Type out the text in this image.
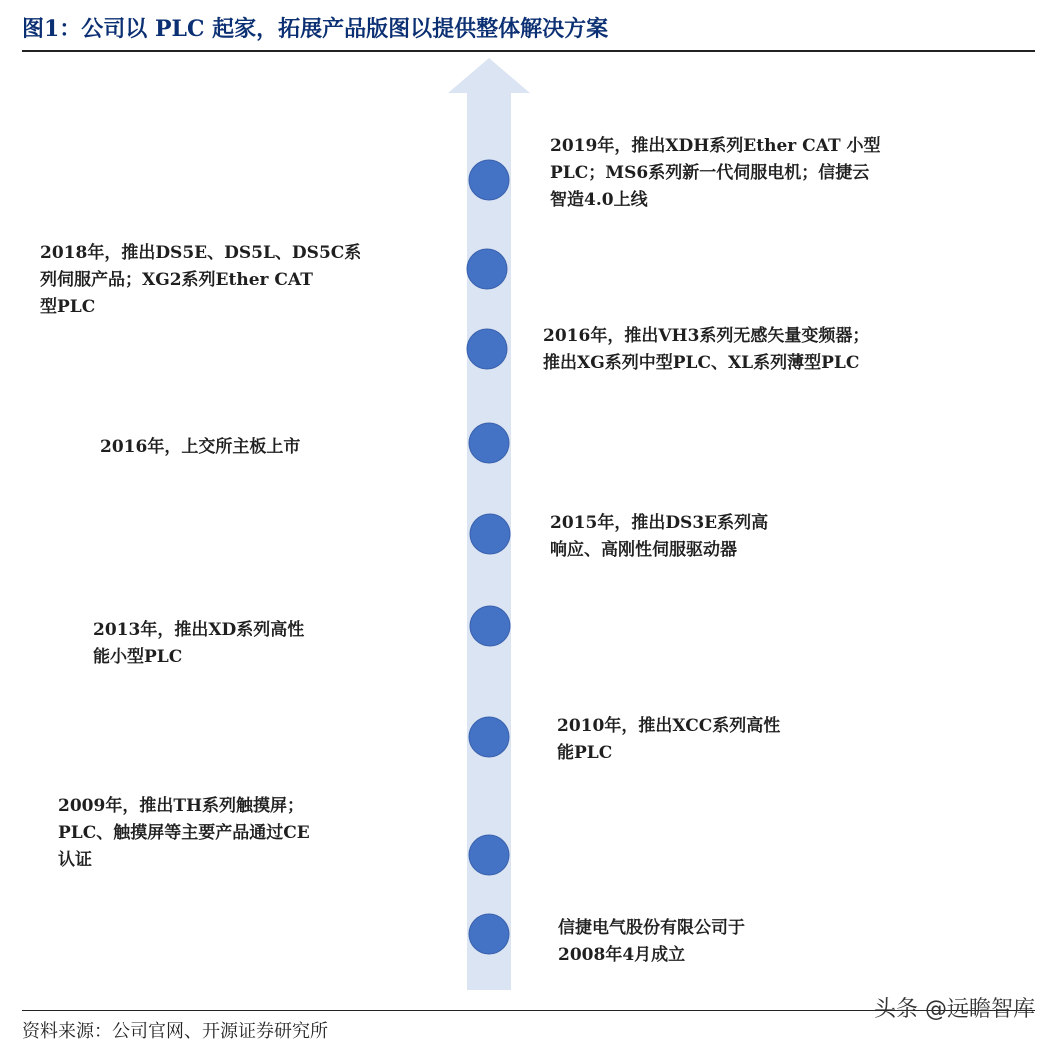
图1：公司以 PLC 起家，拓展产品版图以提供整体解决方案
2019年，推出XDH系列Ether CAT 小型
PLC；MS6系列新一代伺服电机；信捷云
智造4.0上线
2018年，推出DS5E、DS5L、DS5C系
列伺服产品；XG2系列Ether CAT
型PLC
2016年，推出VH3系列无感矢量变频器；
推出XG系列中型PLC、XL系列薄型PLC
2016年，上交所主板上市
2015年，推出DS3E系列高
响应、高刚性伺服驱动器
2013年，推出XD系列高性
能小型PLC
2010年，推出XCC系列高性
能PLC
2009年，推出TH系列触摸屏；
PLC、触摸屏等主要产品通过CE
认证
信捷电气股份有限公司于
2008年4月成立
头条 @远瞻智库
资料来源：公司官网、开源证券研究所
